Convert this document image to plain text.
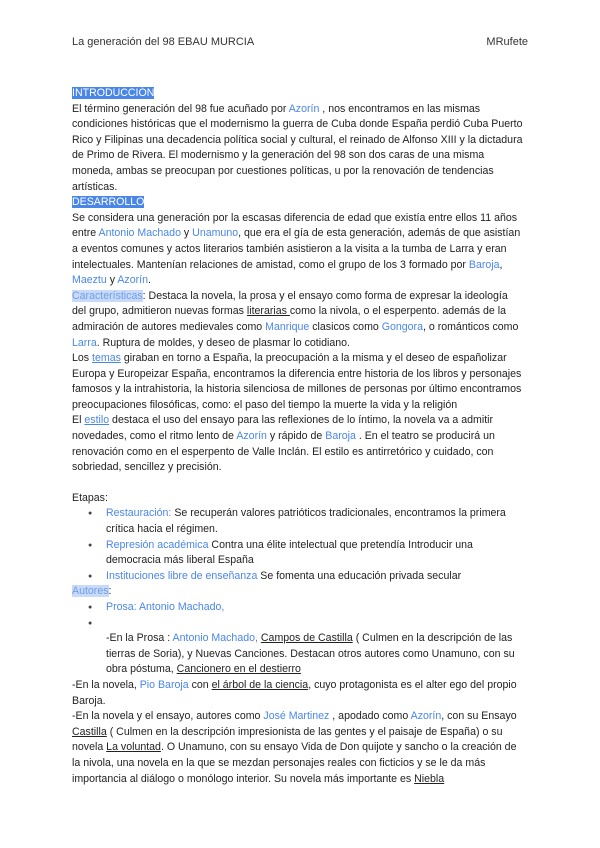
La generación del 98 EBAU MURCIA	MRufete

INTRODUCCIÓN

El término generación del 98 fue acuñado por Azorín , nos encontramos en las mismas condiciones históricas que el modernismo la guerra de Cuba donde España perdió Cuba Puerto Rico y Filipinas una decadencia política social y cultural, el reinado de Alfonso XIII y la dictadura de Primo de Rivera. El modernismo y la generación del 98 son dos caras de una misma moneda, ambas se preocupan por cuestiones políticas, u por la renovación de tendencias artísticas.

DESARROLLO

Se considera una generación por la escasas diferencia de edad que existía entre ellos 11 años entre Antonio Machado y Unamuno, que era el gía de esta generación, además de que asistían a eventos comunes y actos literarios también asistieron a la visita a la tumba de Larra y eran intelectuales. Mantenían relaciones de amistad, como el grupo de los 3 formado por Baroja, Maeztu y Azorín.

Características: Destaca la novela, la prosa y el ensayo como forma de expresar la ideología del grupo, admitieron nuevas formas literarias como la nivola, o el esperpento. además de la admiración de autores medievales como Manrique clasicos como Gongora, o románticos como Larra. Ruptura de moldes, y deseo de plasmar lo cotidiano.

Los temas giraban en torno a España, la preocupación a la misma y el deseo de españolizar Europa y Europeizar España, encontramos la diferencia entre historia de los libros y personajes famosos y la intrahistoria, la historia silenciosa de millones de personas por último encontramos preocupaciones filosóficas, como: el paso del tiempo la muerte la vida y la religión

El estilo destaca el uso del ensayo para las reflexiones de lo íntimo, la novela va a admitir novedades, como el ritmo lento de Azorín y rápido de Baroja . En el teatro se producirá un renovación como en el esperpento de Valle Inclán. El estilo es antirretórico y cuidado, con sobriedad, sencillez y precisión.

Etapas:

● Restauración: Se recuperán valores patrióticos tradicionales, encontramos la primera crítica hacia el régimen.
● Represión académica Contra una élite intelectual que pretendía Introducir una democracia más liberal España
● Instituciones libre de enseñanza Se fomenta una educación privada secular

Autores:

● Prosa: Antonio Machado,
●

-En la Prosa : Antonio Machado, Campos de Castilla ( Culmen en la descripción de las tierras de Soria), y Nuevas Canciones. Destacan otros autores como Unamuno, con su obra póstuma, Cancionero en el destierro

-En la novela, Pio Baroja con el árbol de la ciencia, cuyo protagonista es el alter ego del propio Baroja.

-En la novela y el ensayo, autores como José Martinez , apodado como Azorín, con su Ensayo Castilla ( Culmen en la descripción impresionista de las gentes y el paisaje de España) o su novela La voluntad. O Unamuno, con su ensayo Vida de Don quijote y sancho o la creación de la nivola, una novela en la que se mezdan personajes reales con ficticios y se le da más importancia al diálogo o monólogo interior. Su novela más importante es Niebla
